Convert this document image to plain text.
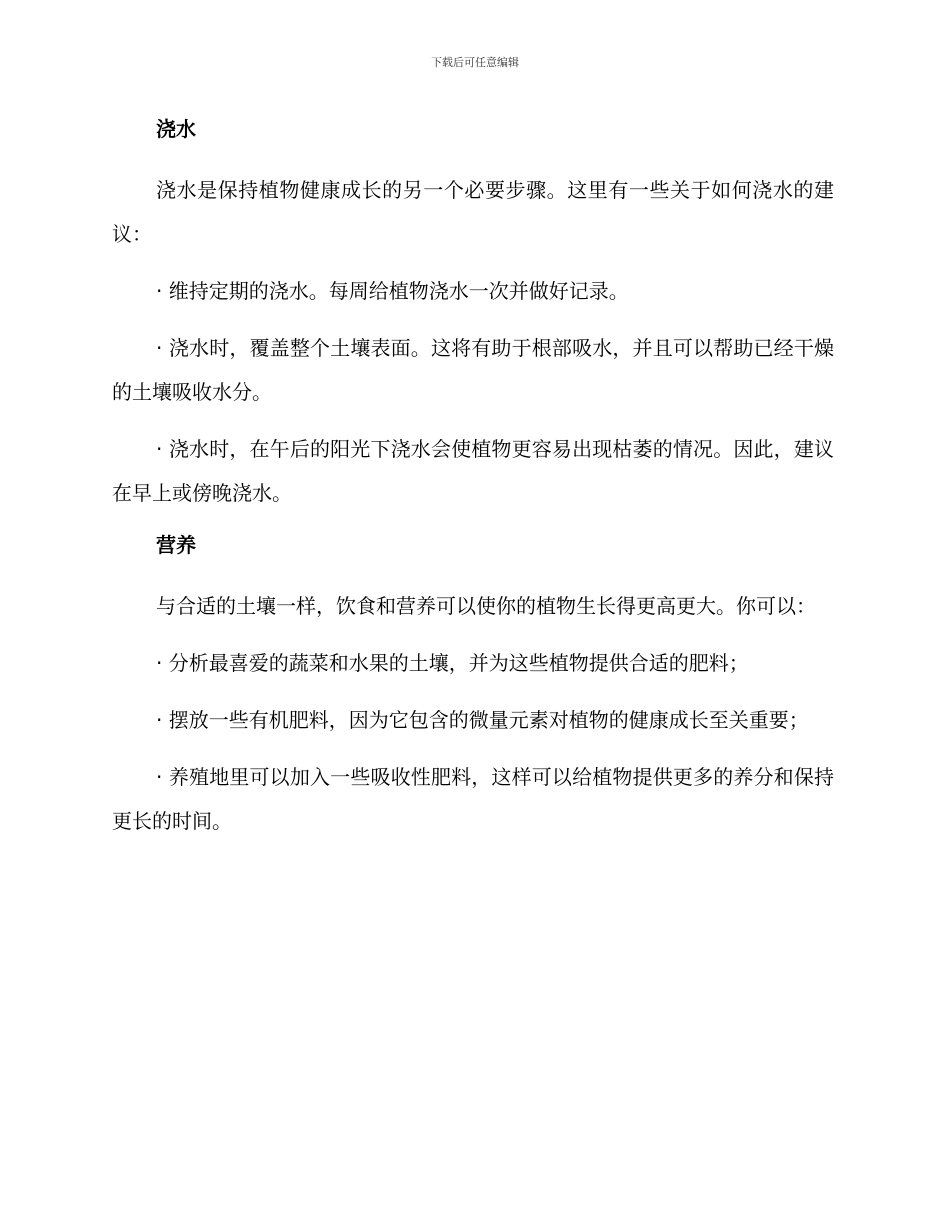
下载后可任意编辑
浇水

浇水是保持植物健康成长的另一个必要步骤。这里有一些关于如何浇水的建议：

· 维持定期的浇水。每周给植物浇水一次并做好记录。

· 浇水时，覆盖整个土壤表面。这将有助于根部吸水，并且可以帮助已经干燥的土壤吸收水分。

· 浇水时，在午后的阳光下浇水会使植物更容易出现枯萎的情况。因此，建议在早上或傍晚浇水。

营养

与合适的土壤一样，饮食和营养可以使你的植物生长得更高更大。你可以：

· 分析最喜爱的蔬菜和水果的土壤，并为这些植物提供合适的肥料；

· 摆放一些有机肥料，因为它包含的微量元素对植物的健康成长至关重要；

· 养殖地里可以加入一些吸收性肥料，这样可以给植物提供更多的养分和保持更长的时间。
